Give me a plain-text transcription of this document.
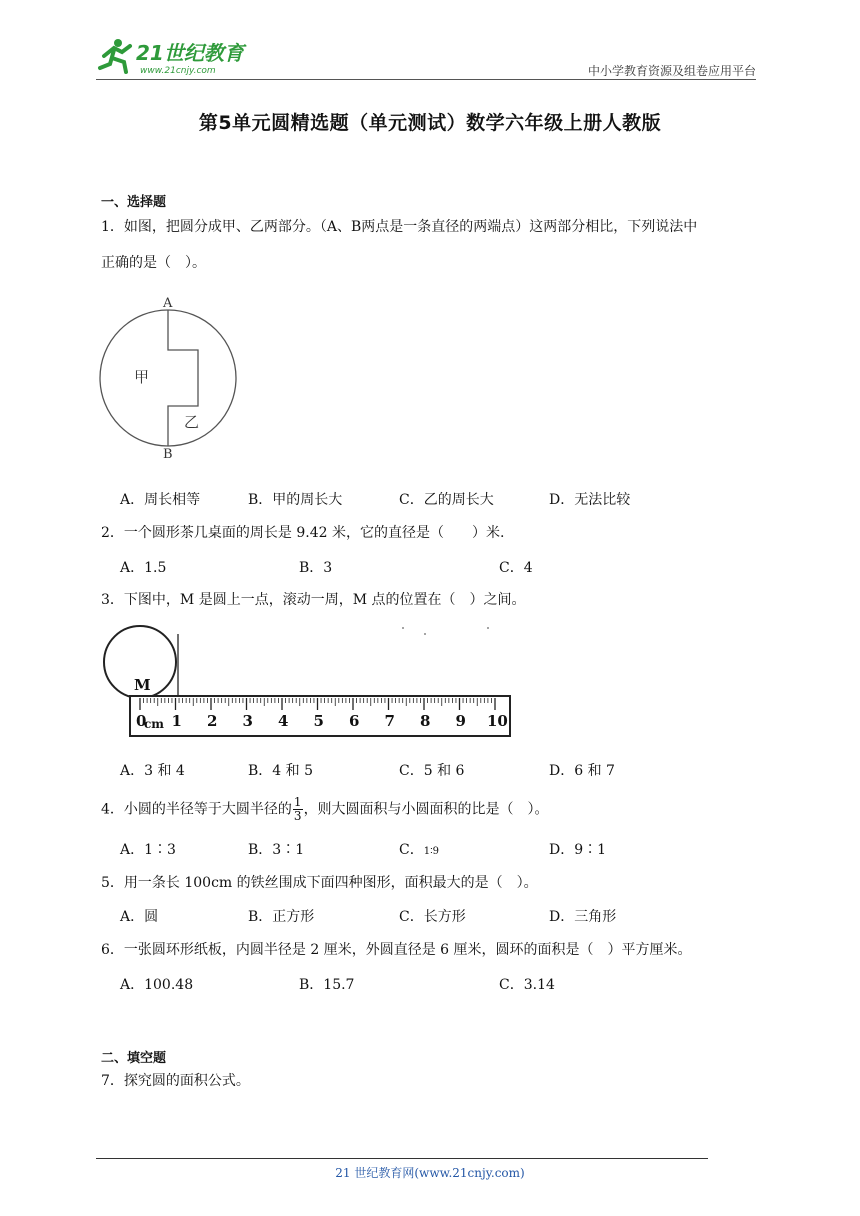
21世纪教育
www.21cnjy.com	中小学教育资源及组卷应用平台
第5单元圆精选题（单元测试）数学六年级上册人教版
一、选择题
1．如图，把圆分成甲、乙两部分。（A、B两点是一条直径的两端点）这两部分相比，下列说法中
正确的是（　）。
A
B
甲
乙
A．周长相等	B．甲的周长大	C．乙的周长大	D．无法比较
2．一个圆形茶几桌面的周长是 9.42 米，它的直径是（　　）米.
A．1.5	B．3	C．4
3．下图中，M 是圆上一点，滚动一周，M 点的位置在（　）之间。
M
0 1 2 3 4 5 6 7 8 9 10
cm
A．3 和 4	B．4 和 5	C．5 和 6	D．6 和 7
4．小圆的半径等于大圆半径的 $\frac{1}{3}$ ，则大圆面积与小圆面积的比是（　）。
A．1∶3	B．3∶1	C．1∶9	D．9∶1
5．用一条长 100cm 的铁丝围成下面四种图形，面积最大的是（　）。
A．圆	B．正方形	C．长方形	D．三角形
6．一张圆环形纸板，内圆半径是 2 厘米，外圆直径是 6 厘米，圆环的面积是（　）平方厘米。
A．100.48	B．15.7	C．3.14
二、填空题
7．探究圆的面积公式。
21 世纪教育网(www.21cnjy.com)
